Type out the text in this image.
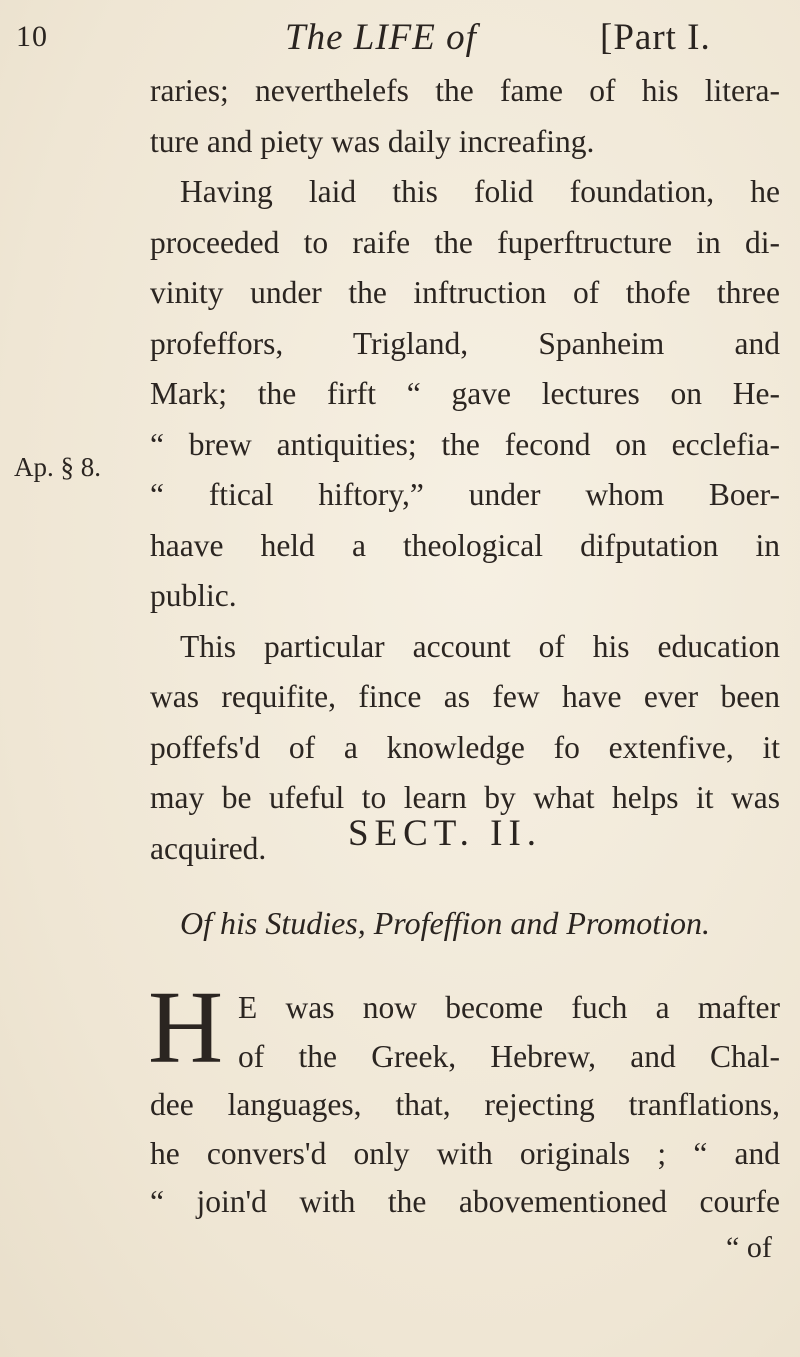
10	The LIFE of	[Part I.
Ap. § 8.
raries; neverthelefs the fame of his litera-
ture and piety was daily increafing.
Having laid this folid foundation, he
proceeded to raife the fuperftructure in di-
vinity under the inftruction of thofe three
profeffors, Trigland, Spanheim and
Mark; the firft “ gave lectures on He-
“ brew antiquities; the fecond on ecclefia-
“ ftical hiftory,” under whom Boer-
haave held a theological difputation in
public.
This particular account of his education
was requifite, fince as few have ever been
poffefs'd of a knowledge fo extenfive, it
may be ufeful to learn by what helps it was
acquired.	SECT. II.
Of his Studies, Profeffion and Promotion.
H E was now become fuch a mafter
of the Greek, Hebrew, and Chal-
dee languages, that, rejecting tranflations,
he convers'd only with originals ; “ and
“ join'd with the abovementioned courfe
“ of
